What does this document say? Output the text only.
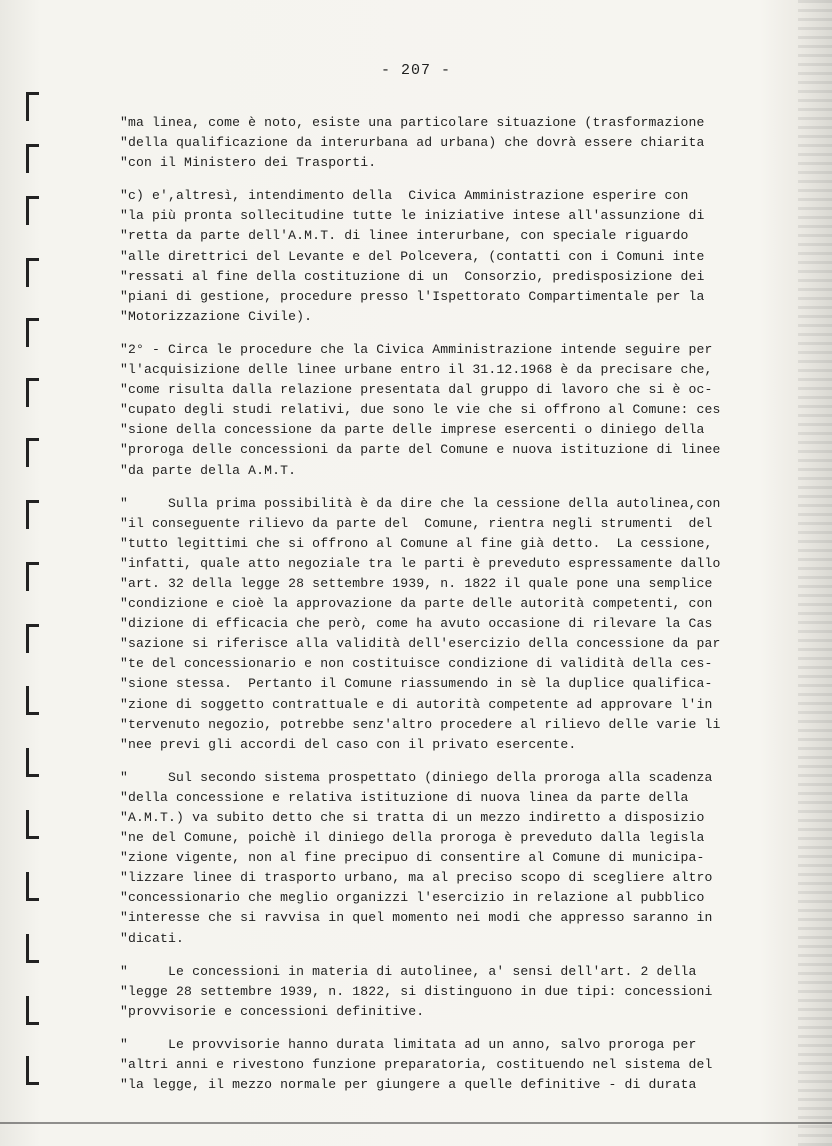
- 207 -
"ma linea, come è noto, esiste una particolare situazione (trasformazione
"della qualificazione da interurbana ad urbana) che dovrà essere chiarita
"con il Ministero dei Trasporti.
"c) e',altresì, intendimento della  Civica Amministrazione esperire con
"la più pronta sollecitudine tutte le iniziative intese all'assunzione di
"retta da parte dell'A.M.T. di linee interurbane, con speciale riguardo
"alle direttrici del Levante e del Polcevera, (contatti con i Comuni inte
"ressati al fine della costituzione di un  Consorzio, predisposizione dei
"piani di gestione, procedure presso l'Ispettorato Compartimentale per la
"Motorizzazione Civile).
"2° - Circa le procedure che la Civica Amministrazione intende seguire per
"l'acquisizione delle linee urbane entro il 31.12.1968 è da precisare che,
"come risulta dalla relazione presentata dal gruppo di lavoro che si è oc-
"cupato degli studi relativi, due sono le vie che si offrono al Comune: ces
"sione della concessione da parte delle imprese esercenti o diniego della
"proroga delle concessioni da parte del Comune e nuova istituzione di linee
"da parte della A.M.T.
"     Sulla prima possibilità è da dire che la cessione della autolinea,con
"il conseguente rilievo da parte del  Comune, rientra negli strumenti  del
"tutto legittimi che si offrono al Comune al fine già detto.  La cessione,
"infatti, quale atto negoziale tra le parti è preveduto espressamente dallo
"art. 32 della legge 28 settembre 1939, n. 1822 il quale pone una semplice
"condizione e cioè la approvazione da parte delle autorità competenti, con
"dizione di efficacia che però, come ha avuto occasione di rilevare la Cas
"sazione si riferisce alla validità dell'esercizio della concessione da par
"te del concessionario e non costituisce condizione di validità della ces-
"sione stessa.  Pertanto il Comune riassumendo in sè la duplice qualifica-
"zione di soggetto contrattuale e di autorità competente ad approvare l'in
"tervenuto negozio, potrebbe senz'altro procedere al rilievo delle varie li
"nee previ gli accordi del caso con il privato esercente.
"     Sul secondo sistema prospettato (diniego della proroga alla scadenza
"della concessione e relativa istituzione di nuova linea da parte della
"A.M.T.) va subito detto che si tratta di un mezzo indiretto a disposizio
"ne del Comune, poichè il diniego della proroga è preveduto dalla legisla
"zione vigente, non al fine precipuo di consentire al Comune di municipa-
"lizzare linee di trasporto urbano, ma al preciso scopo di scegliere altro
"concessionario che meglio organizzi l'esercizio in relazione al pubblico
"interesse che si ravvisa in quel momento nei modi che appresso saranno in
"dicati.
"     Le concessioni in materia di autolinee, a' sensi dell'art. 2 della
"legge 28 settembre 1939, n. 1822, si distinguono in due tipi: concessioni
"provvisorie e concessioni definitive.
"     Le provvisorie hanno durata limitata ad un anno, salvo proroga per
"altri anni e rivestono funzione preparatoria, costituendo nel sistema del
"la legge, il mezzo normale per giungere a quelle definitive - di durata
